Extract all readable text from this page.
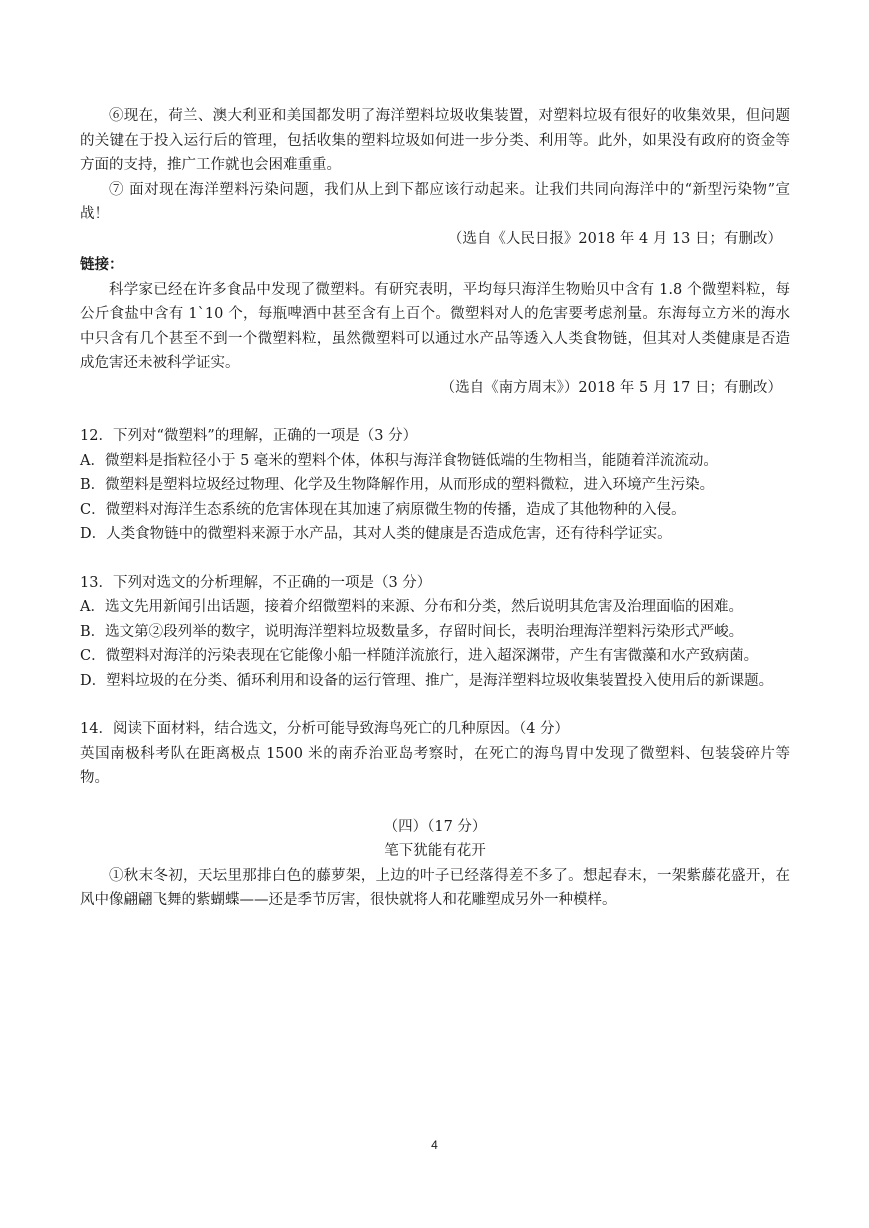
⑥现在，荷兰、澳大利亚和美国都发明了海洋塑料垃圾收集装置，对塑料垃圾有很好的收集效果，但问题的关键在于投入运行后的管理，包括收集的塑料垃圾如何进一步分类、利用等。此外，如果没有政府的资金等方面的支持，推广工作就也会困难重重。

⑦ 面对现在海洋塑料污染问题，我们从上到下都应该行动起来。让我们共同向海洋中的“新型污染物”宣战！

（选自《人民日报》2018 年 4 月 13 日；有删改）

链接：

科学家已经在许多食品中发现了微塑料。有研究表明，平均每只海洋生物贻贝中含有 1.8 个微塑料粒，每公斤食盐中含有 1`10 个，每瓶啤酒中甚至含有上百个。微塑料对人的危害要考虑剂量。东海每立方米的海水中只含有几个甚至不到一个微塑料粒，虽然微塑料可以通过水产品等透入人类食物链，但其对人类健康是否造成危害还未被科学证实。

（选自《南方周末》）2018 年 5 月 17 日；有删改）

12．下列对“微塑料”的理解，正确的一项是（3 分）

A．微塑料是指粒径小于 5 毫米的塑料个体，体积与海洋食物链低端的生物相当，能随着洋流流动。

B．微塑料是塑料垃圾经过物理、化学及生物降解作用，从而形成的塑料微粒，进入环境产生污染。

C．微塑料对海洋生态系统的危害体现在其加速了病原微生物的传播，造成了其他物种的入侵。

D．人类食物链中的微塑料来源于水产品，其对人类的健康是否造成危害，还有待科学证实。

13．下列对选文的分析理解，不正确的一项是（3 分）

A．选文先用新闻引出话题，接着介绍微塑料的来源、分布和分类，然后说明其危害及治理面临的困难。

B．选文第②段列举的数字，说明海洋塑料垃圾数量多，存留时间长，表明治理海洋塑料污染形式严峻。

C．微塑料对海洋的污染表现在它能像小船一样随洋流旅行，进入超深渊带，产生有害微藻和水产致病菌。

D．塑料垃圾的在分类、循环利用和设备的运行管理、推广，是海洋塑料垃圾收集装置投入使用后的新课题。

14．阅读下面材料，结合选文，分析可能导致海鸟死亡的几种原因。（4 分）

英国南极科考队在距离极点 1500 米的南乔治亚岛考察时，在死亡的海鸟胃中发现了微塑料、包装袋碎片等物。

（四）（17 分）

笔下犹能有花开

①秋末冬初，天坛里那排白色的藤萝架，上边的叶子已经落得差不多了。想起春末，一架紫藤花盛开，在风中像翩翩飞舞的紫蝴蝶——还是季节厉害，很快就将人和花雕塑成另外一种模样。

4
